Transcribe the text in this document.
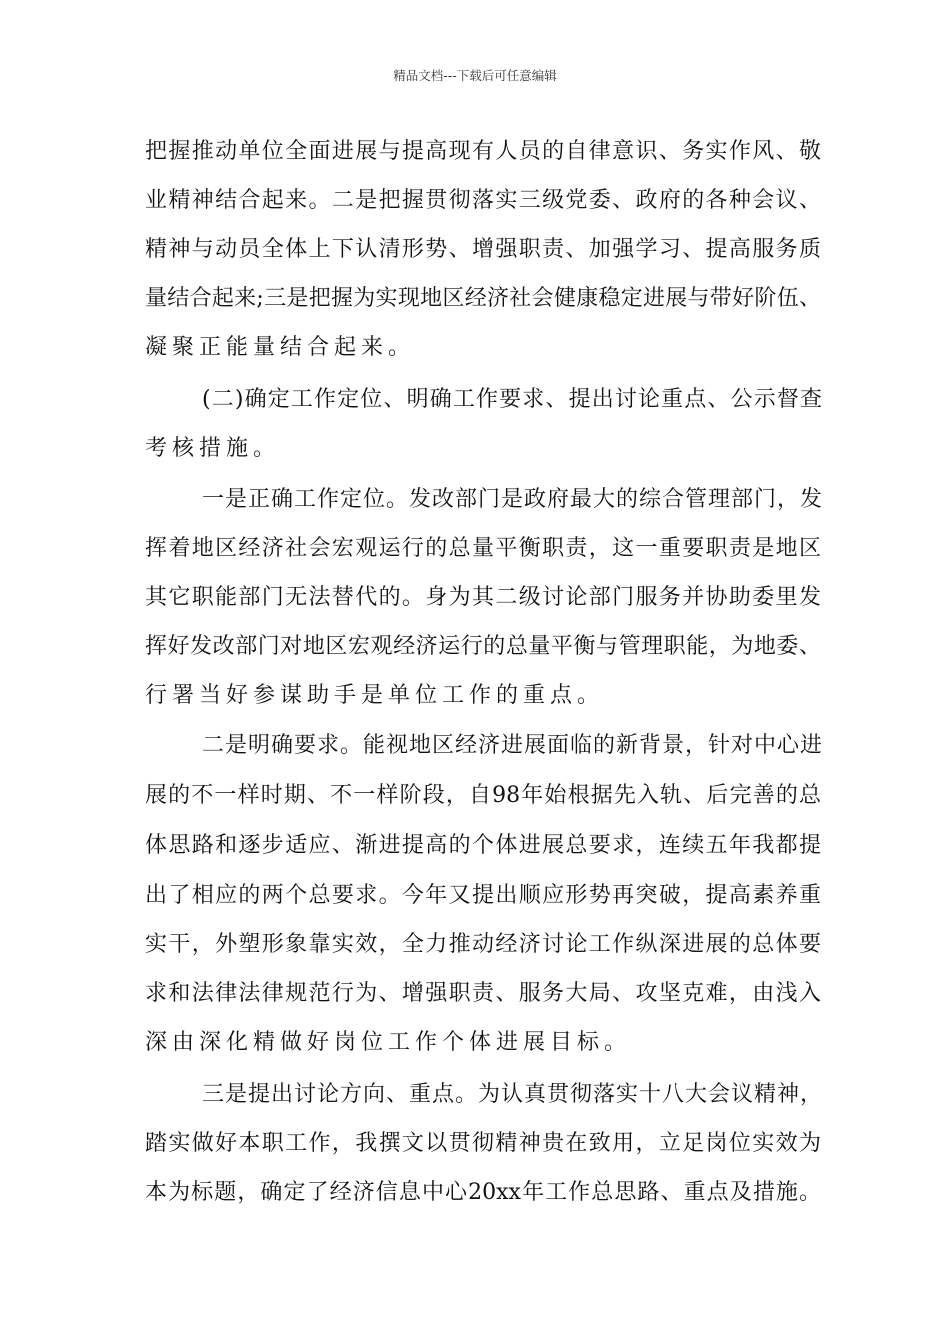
精品文档---下载后可任意编辑
把握推动单位全面进展与提高现有人员的自律意识、务实作风、敬
业精神结合起来。二是把握贯彻落实三级党委、政府的各种会议、
精神与动员全体上下认清形势、增强职责、加强学习、提高服务质
量结合起来;三是把握为实现地区经济社会健康稳定进展与带好阶伍、
凝聚正能量结合起来。
(二)确定工作定位、明确工作要求、提出讨论重点、公示督查
考核措施。
一是正确工作定位。发改部门是政府最大的综合管理部门，发
挥着地区经济社会宏观运行的总量平衡职责，这一重要职责是地区
其它职能部门无法替代的。身为其二级讨论部门服务并协助委里发
挥好发改部门对地区宏观经济运行的总量平衡与管理职能，为地委、
行署当好参谋助手是单位工作的重点。
二是明确要求。能视地区经济进展面临的新背景，针对中心进
展的不一样时期、不一样阶段，自98年始根据先入轨、后完善的总
体思路和逐步适应、渐进提高的个体进展总要求，连续五年我都提
出了相应的两个总要求。今年又提出顺应形势再突破，提高素养重
实干，外塑形象靠实效，全力推动经济讨论工作纵深进展的总体要
求和法律法律规范行为、增强职责、服务大局、攻坚克难，由浅入
深由深化精做好岗位工作个体进展目标。
三是提出讨论方向、重点。为认真贯彻落实十八大会议精神，
踏实做好本职工作，我撰文以贯彻精神贵在致用，立足岗位实效为
本为标题，确定了经济信息中心20xx年工作总思路、重点及措施。
